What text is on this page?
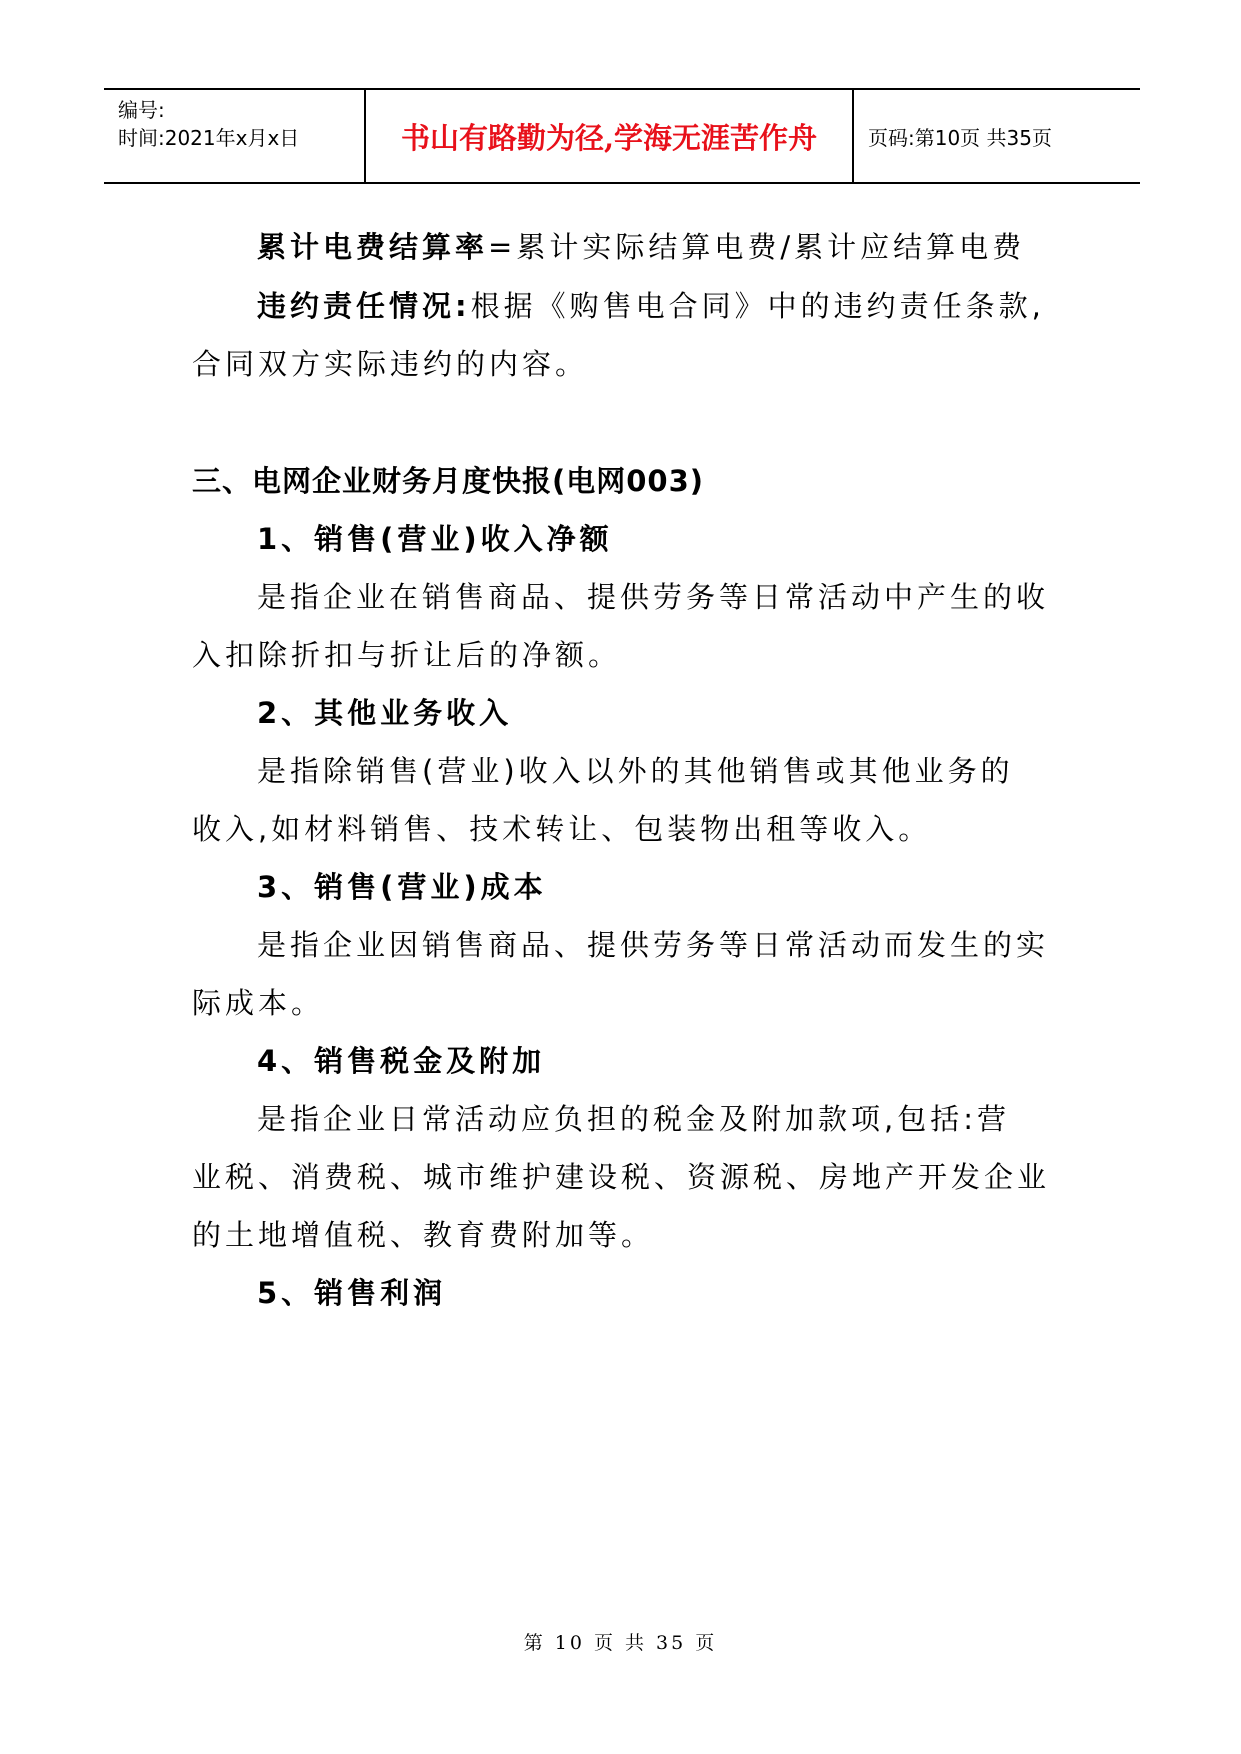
编号:
时间:2021年x月x日	书山有路勤为径,学海无涯苦作舟	页码:第10页 共35页
累计电费结算率=累计实际结算电费/累计应结算电费
违约责任情况:根据《购售电合同》中的违约责任条款,
合同双方实际违约的内容。
三、电网企业财务月度快报(电网003)
1、销售(营业)收入净额
是指企业在销售商品、提供劳务等日常活动中产生的收
入扣除折扣与折让后的净额。
2、其他业务收入
是指除销售(营业)收入以外的其他销售或其他业务的
收入,如材料销售、技术转让、包装物出租等收入。
3、销售(营业)成本
是指企业因销售商品、提供劳务等日常活动而发生的实
际成本。
4、销售税金及附加
是指企业日常活动应负担的税金及附加款项,包括:营
业税、消费税、城市维护建设税、资源税、房地产开发企业
的土地增值税、教育费附加等。
5、销售利润
第 10 页 共 35 页
